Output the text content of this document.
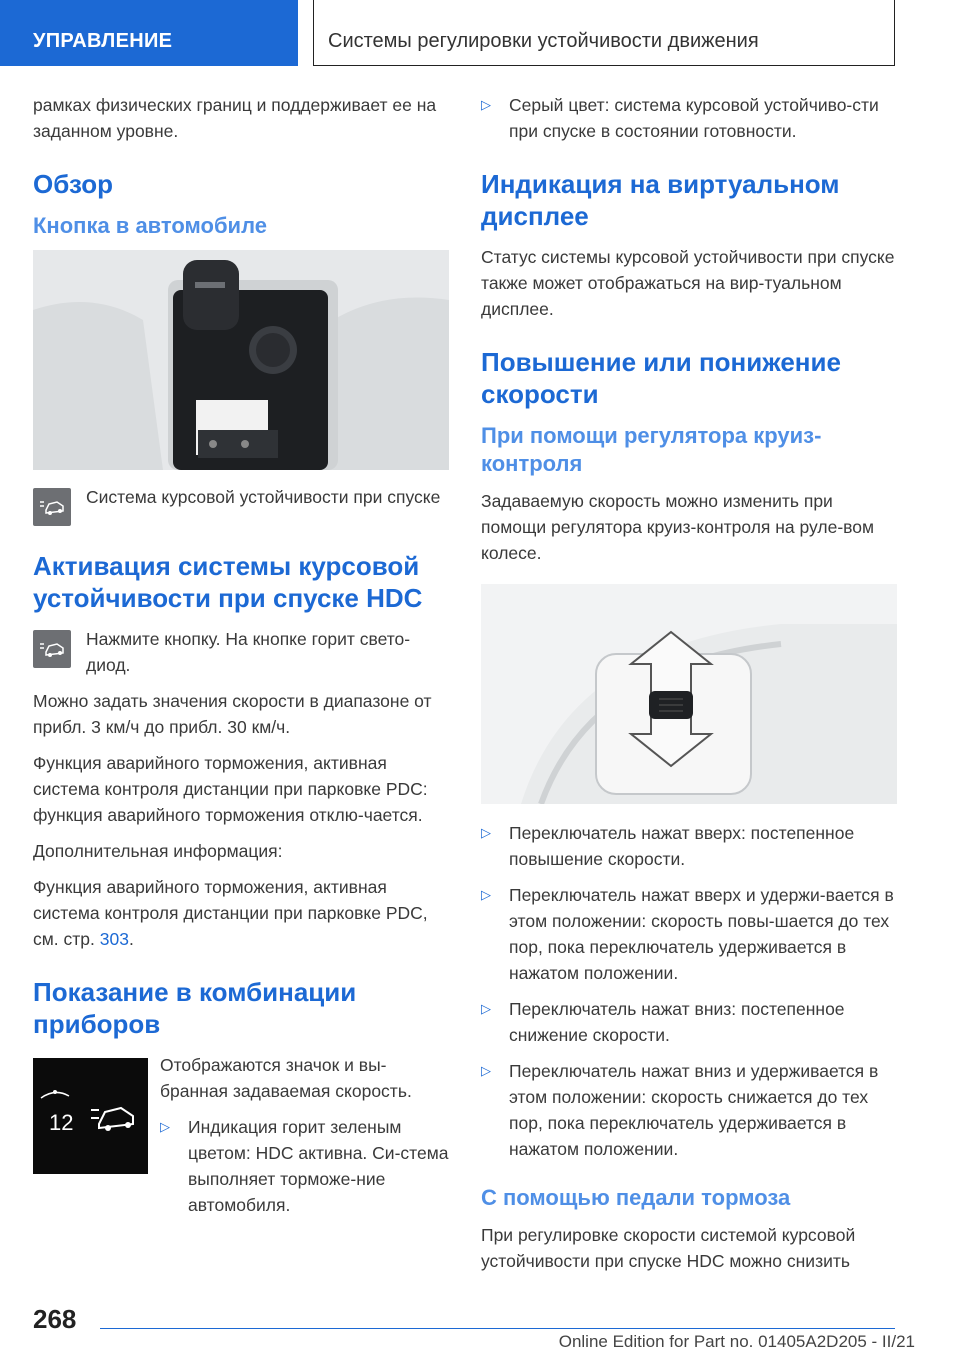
УПРАВЛЕНИЕ	Системы регулировки устойчивости движения

рамках физических границ и поддерживает ее на заданном уровне.

Обзор
Кнопка в автомобиле

Система курсовой устойчивости при спуске

Активация системы курсовой устойчивости при спуске HDC

Нажмите кнопку. На кнопке горит свето-диод.

Можно задать значения скорости в диапазоне от прибл. 3 км/ч до прибл. 30 км/ч.

Функция аварийного торможения, активная система контроля дистанции при парковке PDC: функция аварийного торможения отклю-чается.

Дополнительная информация:

Функция аварийного торможения, активная система контроля дистанции при парковке PDC, см. стр. 303.

Показание в комбинации приборов
12

Отображаются значок и вы-бранная задаваемая скорость.

▷	Индикация горит зеленым цветом: HDC активна. Си-стема выполняет торможе-ние автомобиля.

▷	Серый цвет: система курсовой устойчиво-сти при спуске в состоянии готовности.

Индикация на виртуальном дисплее

Статус системы курсовой устойчивости при спуске также может отображаться на вир-туальном дисплее.

Повышение или понижение скорости
При помощи регулятора круиз-контроля

Задаваемую скорость можно изменить при помощи регулятора круиз-контроля на руле-вом колесе.

▷	Переключатель нажат вверх: постепенное повышение скорости.

▷	Переключатель нажат вверх и удержи-вается в этом положении: скорость повы-шается до тех пор, пока переключатель удерживается в нажатом положении.

▷	Переключатель нажат вниз: постепенное снижение скорости.

▷	Переключатель нажат вниз и удерживается в этом положении: скорость снижается до тех пор, пока переключатель удерживается в нажатом положении.

С помощью педали тормоза

При регулировке скорости системой курсовой устойчивости при спуске HDC можно снизить

268
Online Edition for Part no. 01405A2D205 - II/21
